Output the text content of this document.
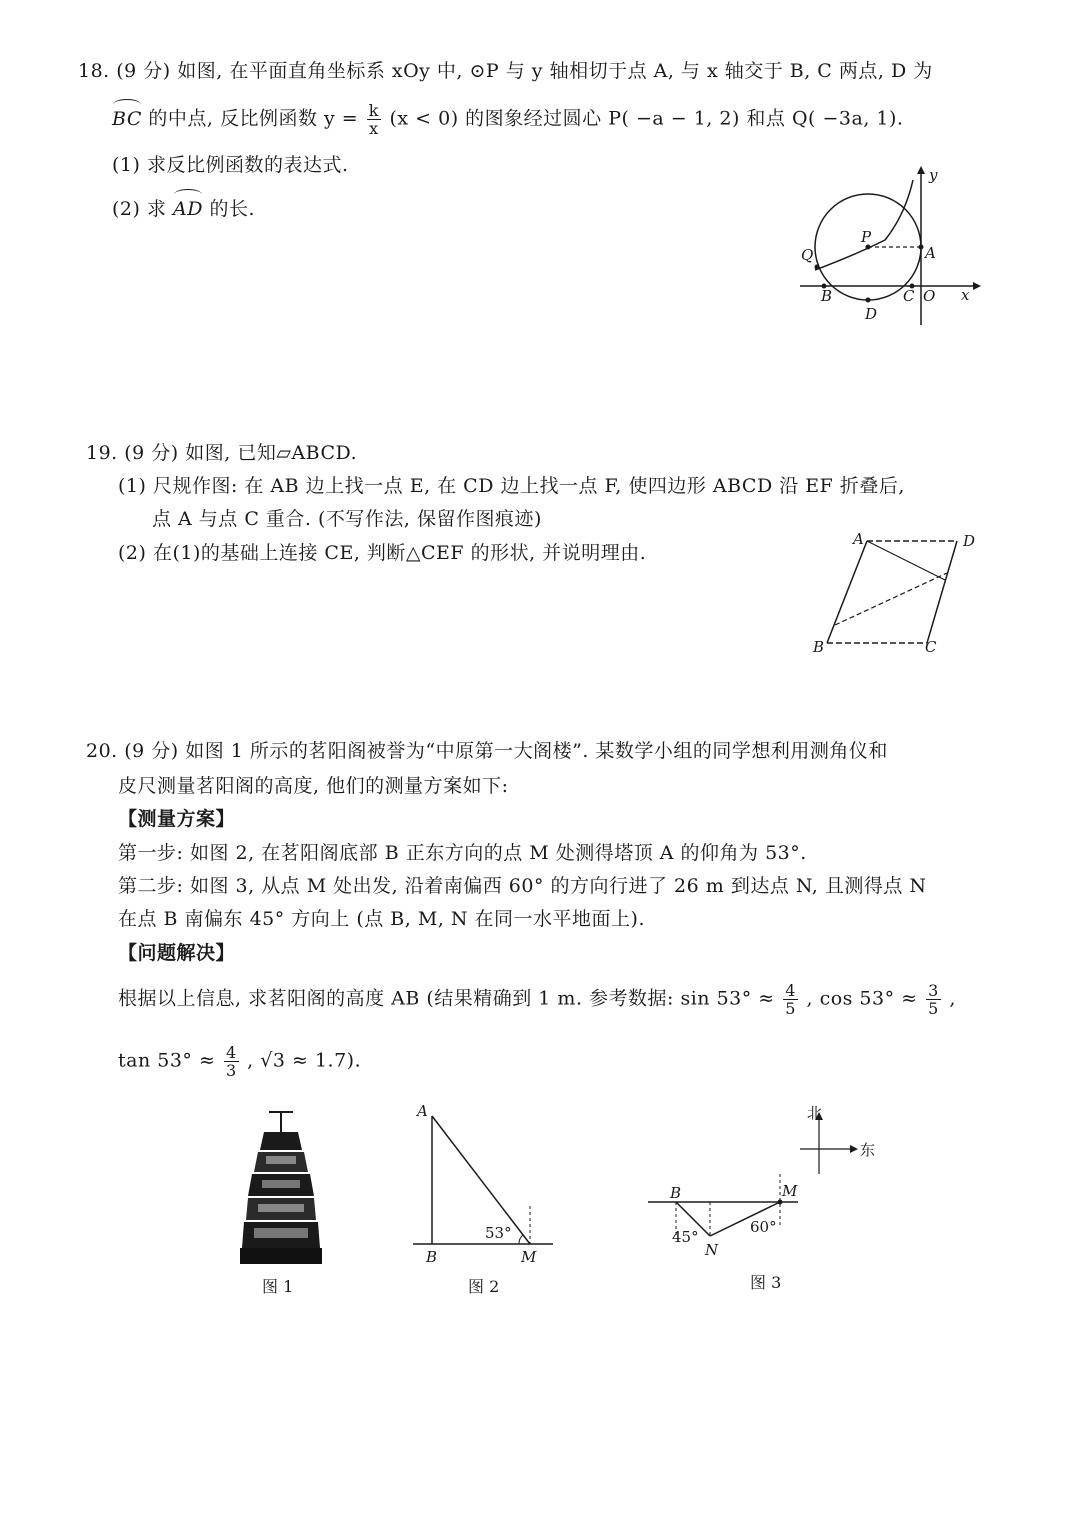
18. (9 分) 如图, 在平面直角坐标系 xOy 中, ⊙P 与 y 轴相切于点 A, 与 x 轴交于 B, C 两点, D 为
BC 的中点, 反比例函数 $y = \frac{k}{x} (x < 0)$ 的图象经过圆心 P( −a − 1, 2) 和点 Q( −3a, 1).
(1) 求反比例函数的表达式.
(2) 求 AD 的长.
y
x
P
Q	A
B	C O
D
19. (9 分) 如图, 已知▱ABCD.
(1) 尺规作图: 在 AB 边上找一点 E, 在 CD 边上找一点 F, 使四边形 ABCD 沿 EF 折叠后,
点 A 与点 C 重合. (不写作法, 保留作图痕迹)
(2) 在(1)的基础上连接 CE, 判断△CEF 的形状, 并说明理由.
A	D
B	C
20. (9 分) 如图 1 所示的茗阳阁被誉为“中原第一大阁楼”. 某数学小组的同学想利用测角仪和
皮尺测量茗阳阁的高度, 他们的测量方案如下:
【测量方案】
第一步: 如图 2, 在茗阳阁底部 B 正东方向的点 M 处测得塔顶 A 的仰角为 53°.
第二步: 如图 3, 从点 M 处出发, 沿着南偏西 60° 的方向行进了 26 m 到达点 N, 且测得点 N
在点 B 南偏东 45° 方向上 (点 B, M, N 在同一水平地面上).
【问题解决】
根据以上信息, 求茗阳阁的高度 AB (结果精确到 1 m. 参考数据: $\sin 53^\circ \approx \frac{4}{5}$ , $\cos 53^\circ \approx \frac{3}{5}$ ,
$\tan 53^\circ \approx \frac{4}{3}$ , √3 ≈ 1.7).
图 1
A
B	M
53°
图 2
北
东
B	M
N
45°
60°
图 3
